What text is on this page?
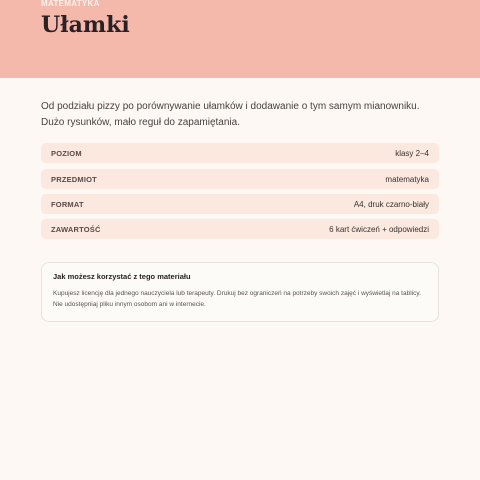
MATEMATYKA
Ułamki

Od podziału pizzy po porównywanie ułamków i dodawanie o tym samym mianowniku. Dużo rysunków, mało reguł do zapamiętania.

POZIOM	klasy 2–4
PRZEDMIOT	matematyka
FORMAT	A4, druk czarno-biały
ZAWARTOŚĆ	6 kart ćwiczeń + odpowiedzi

Jak możesz korzystać z tego materiału

Kupujesz licencję dla jednego nauczyciela lub terapeuty. Drukuj bez ograniczeń na potrzeby swoich zajęć i wyświetlaj na tablicy. Nie udostępniaj pliku innym osobom ani w internecie.
